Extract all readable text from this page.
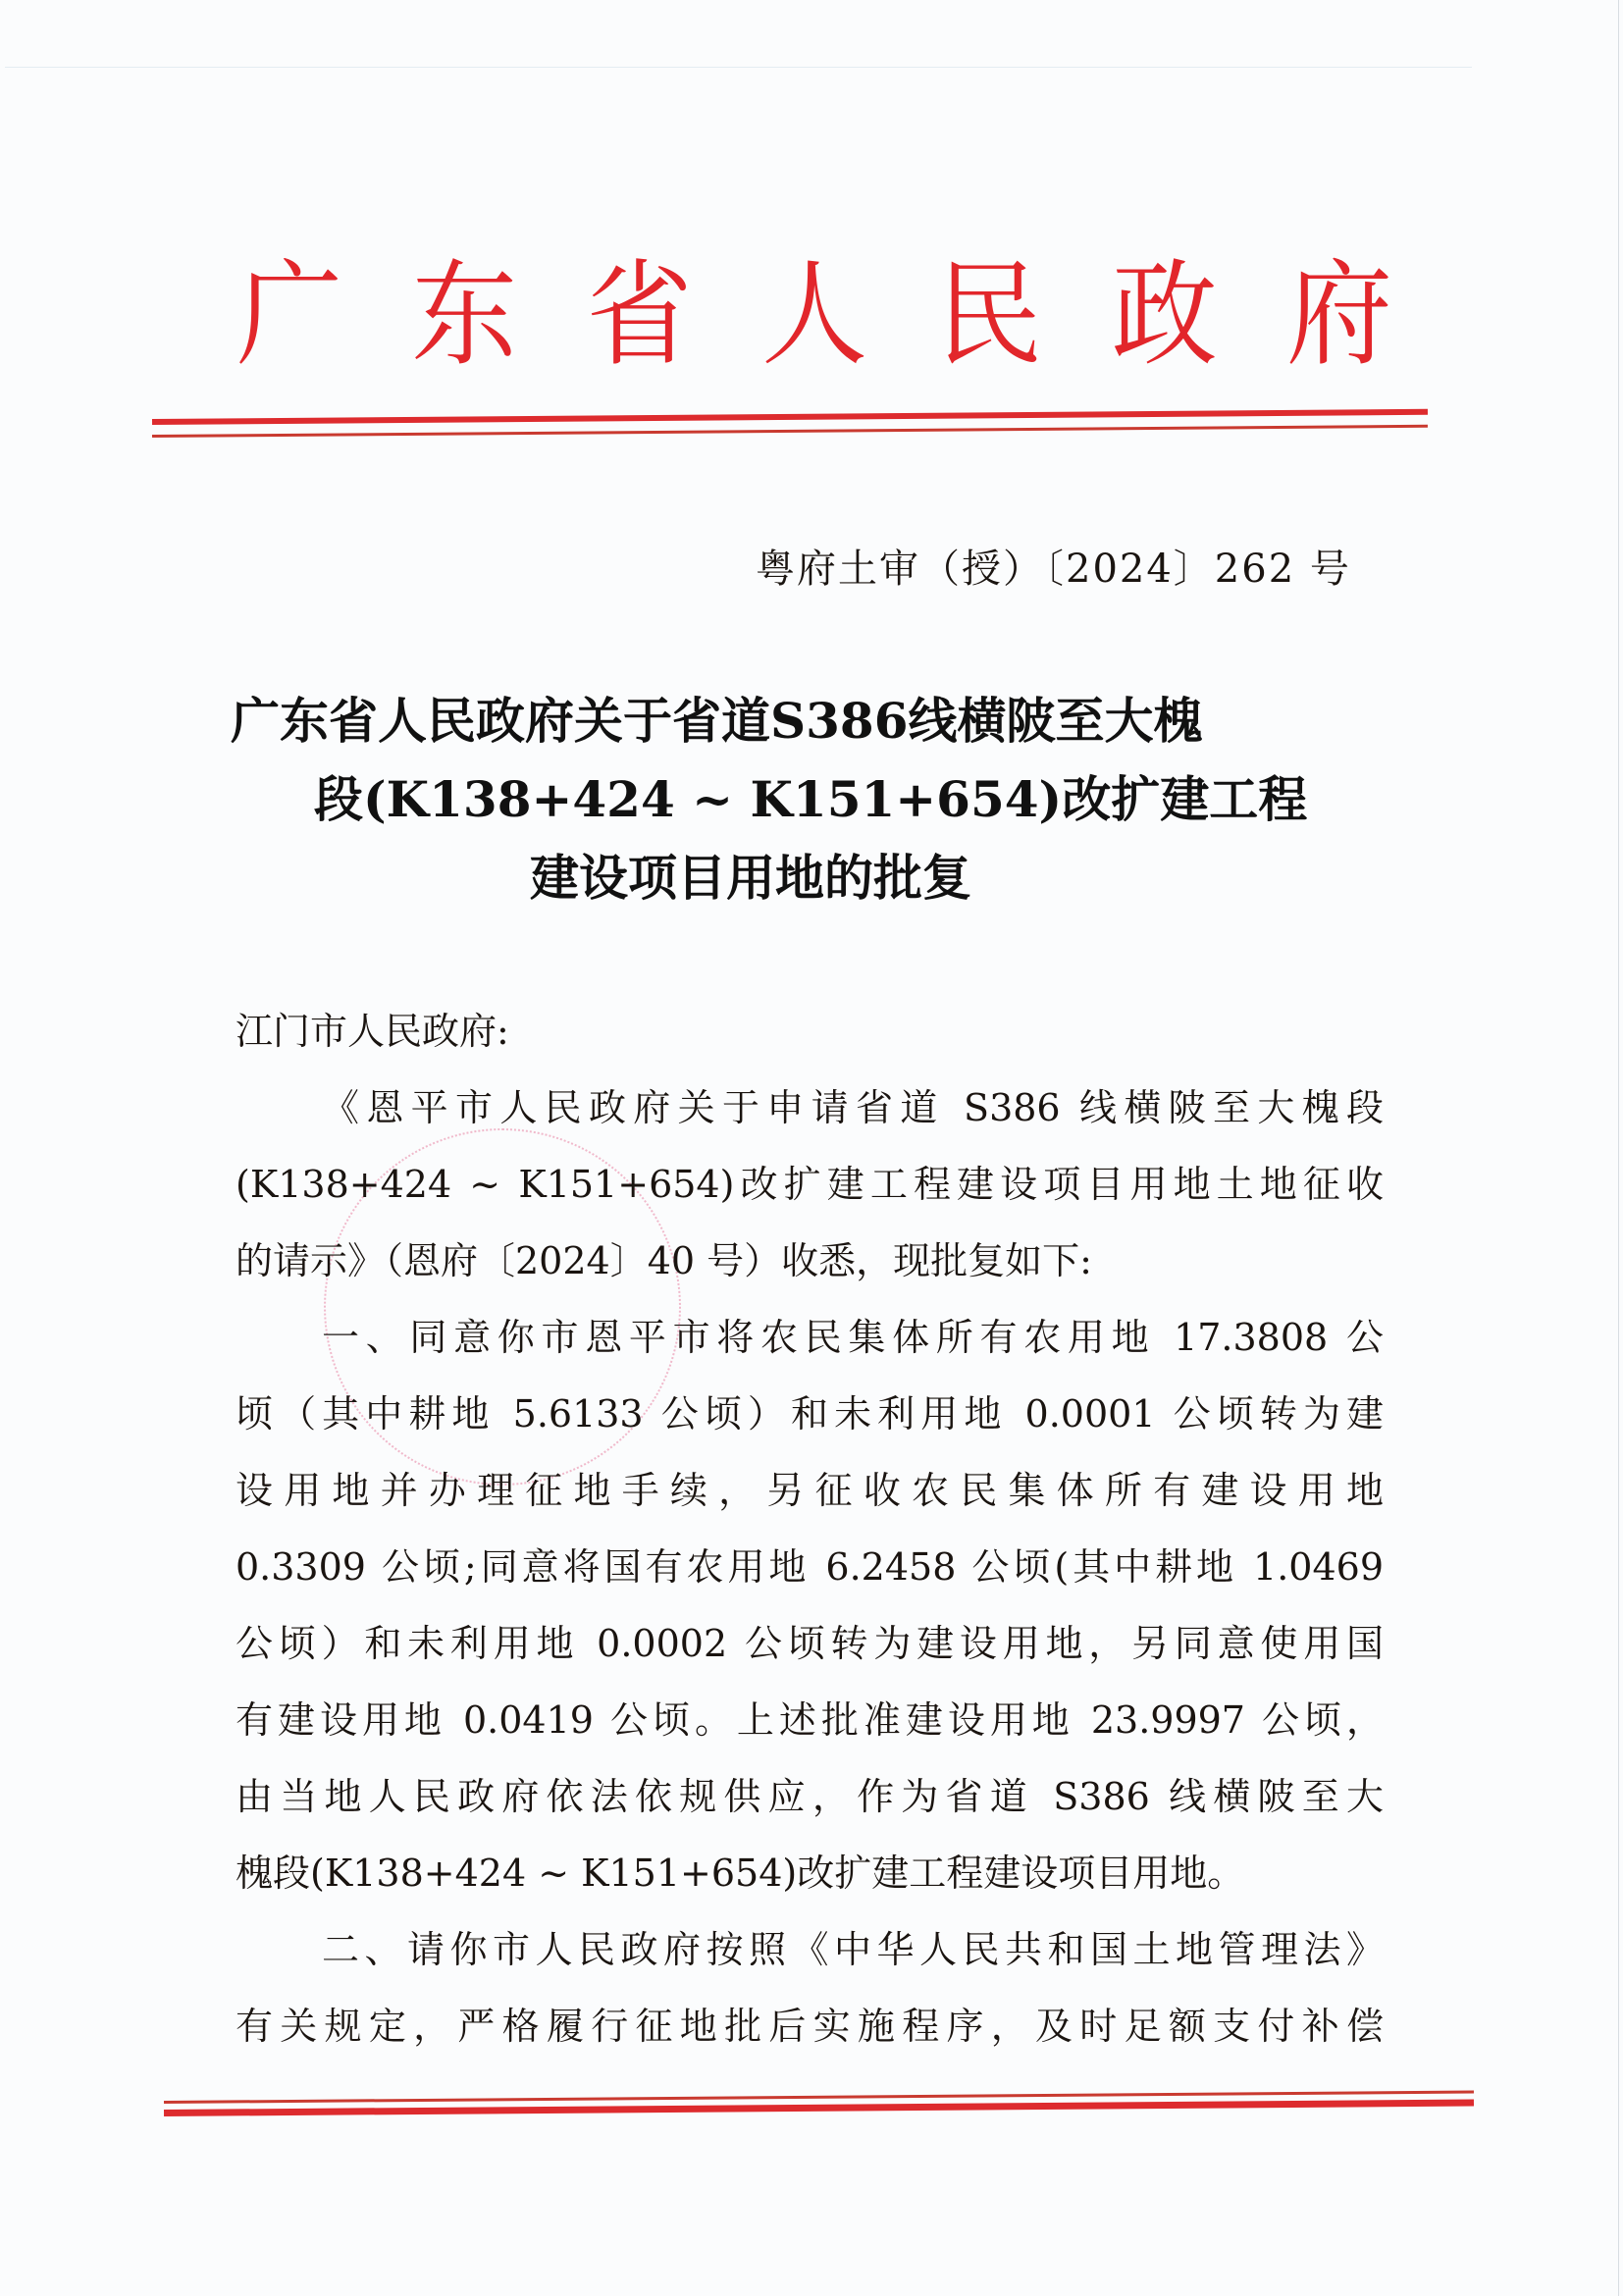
广 东 省 人 民 政 府
粤府土审（授）〔2024〕262 号
广东省人民政府关于省道S386线横陂至大槐
段(K138+424 ~ K151+654)改扩建工程
建设项目用地的批复
江门市人民政府:
《恩平市人民政府关于申请省道 S386 线横陂至大槐段
(K138+424 ~ K151+654)改扩建工程建设项目用地土地征收
的请示》（恩府〔2024〕40 号）收悉，现批复如下:
一、同意你市恩平市将农民集体所有农用地 17.3808 公
顷（其中耕地 5.6133 公顷）和未利用地 0.0001 公顷转为建
设用地并办理征地手续，另征收农民集体所有建设用地
0.3309 公顷;同意将国有农用地 6.2458 公顷(其中耕地 1.0469
公顷）和未利用地 0.0002 公顷转为建设用地，另同意使用国
有建设用地 0.0419 公顷。上述批准建设用地 23.9997 公顷，
由当地人民政府依法依规供应，作为省道 S386 线横陂至大
槐段(K138+424 ~ K151+654)改扩建工程建设项目用地。
二、请你市人民政府按照《中华人民共和国土地管理法》
有关规定，严格履行征地批后实施程序，及时足额支付补偿
